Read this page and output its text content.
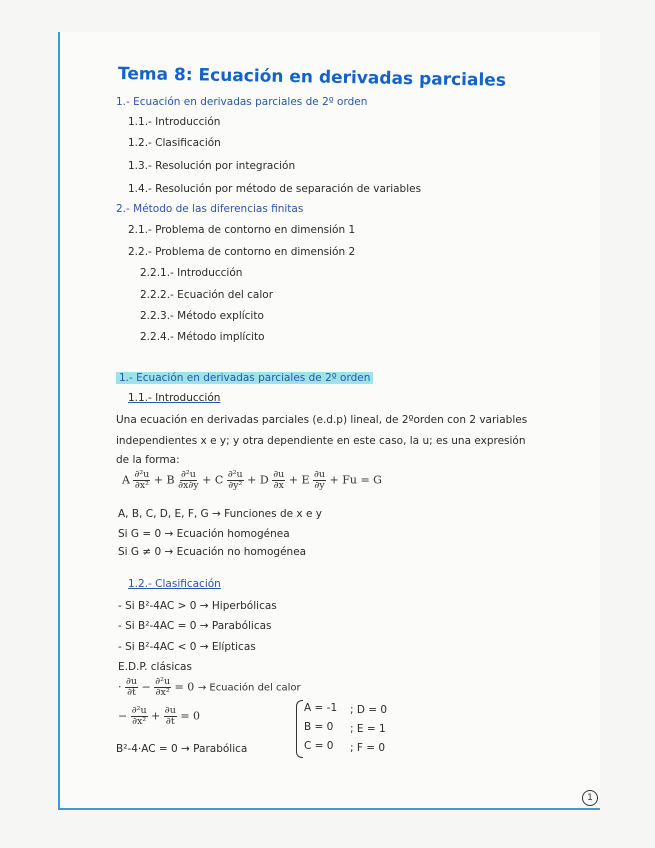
Tema 8: Ecuación en derivadas parciales
1.- Ecuación en derivadas parciales de 2º orden
1.1.- Introducción
1.2.- Clasificación
1.3.- Resolución por integración
1.4.- Resolución por método de separación de variables
2.- Método de las diferencias finitas
2.1.- Problema de contorno en dimensión 1
2.2.- Problema de contorno en dimensión 2
2.2.1.- Introducción
2.2.2.- Ecuación del calor
2.2.3.- Método explícito
2.2.4.- Método implícito
1.- Ecuación en derivadas parciales de 2º orden
1.1.- Introducción
Una ecuación en derivadas parciales (e.d.p) lineal, de 2ºorden con 2 variables
independientes x e y; y otra dependiente en este caso, la u; es una expresión
de la forma:
A $\frac{\text{∂²u}}{\text{∂x²}} + B \frac{\text{∂²u}}{\partial x\partial y} + C \frac{\text{∂²u}}{\text{∂y²}} + D \frac{\partial u}{\partial x} + E \frac{\partial u}{\partial y} + Fu = G$
A, B, C, D, E, F, G → Funciones de x e y
Si G = 0 → Ecuación homogénea
Si G ≠ 0 → Ecuación no homogénea
1.2.- Clasificación
- Si B²-4AC > 0 → Hiperbólicas
- Si B²-4AC = 0 → Parabólicas
- Si B²-4AC < 0 → Elípticas
E.D.P. clásicas
· $\frac{\partial u}{\partial t} - \frac{\text{∂²u}}{\text{∂x²}} = 0$ → Ecuación del calor
− $\frac{\text{∂²u}}{\text{∂x²}} + \frac{\partial u}{\partial t} = 0$
A = -1
B = 0
C = 0
; D = 0
; E = 1
; F = 0
B²-4·AC = 0 → Parabólica
1
